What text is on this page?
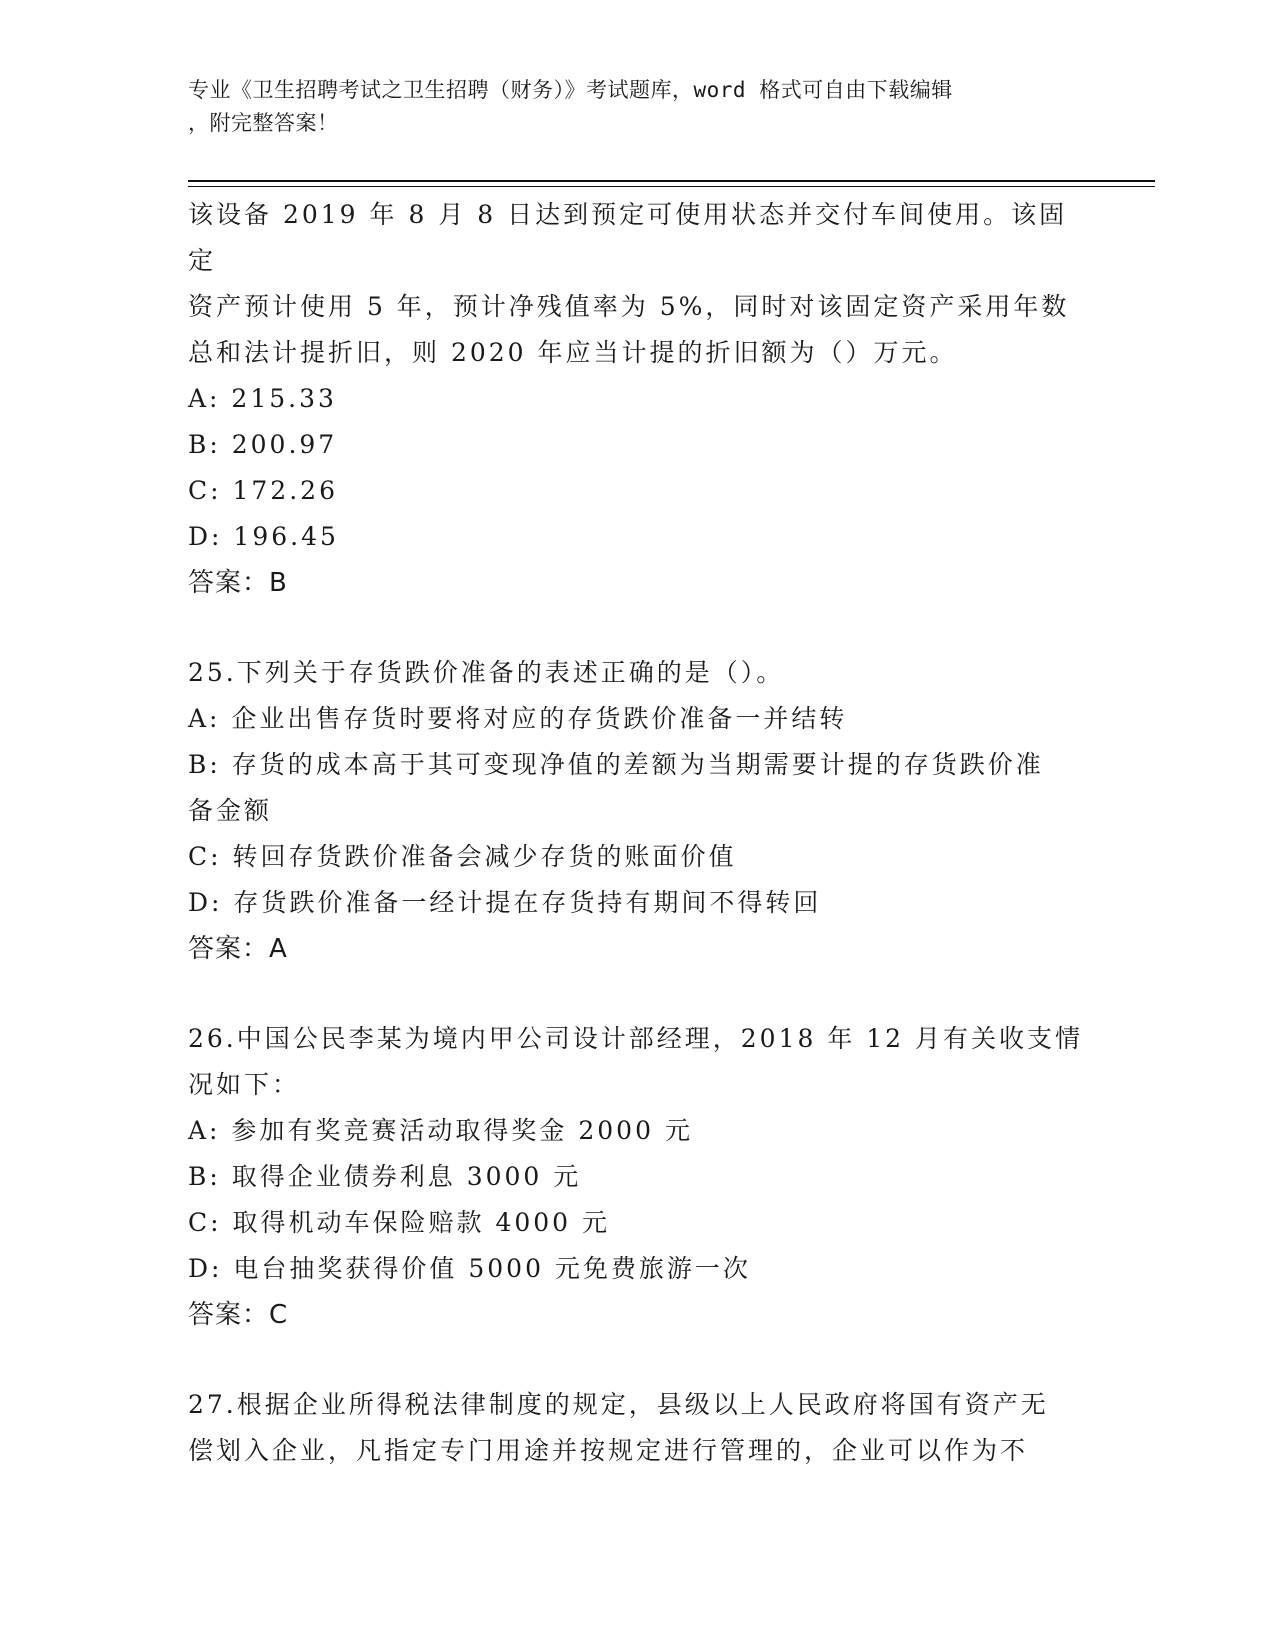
专业《卫生招聘考试之卫生招聘（财务）》考试题库，word 格式可自由下载编辑
，附完整答案！

该设备 2019 年 8 月 8 日达到预定可使用状态并交付车间使用。该固定

资产预计使用 5 年，预计净残值率为 5%，同时对该固定资产采用年数

总和法计提折旧，则 2020 年应当计提的折旧额为（）万元。

A: 215.33

B: 200.97

C: 172.26

D: 196.45

答案：B

25.下列关于存货跌价准备的表述正确的是（）。

A: 企业出售存货时要将对应的存货跌价准备一并结转

B: 存货的成本高于其可变现净值的差额为当期需要计提的存货跌价准

备金额

C: 转回存货跌价准备会减少存货的账面价值

D: 存货跌价准备一经计提在存货持有期间不得转回

答案：A

26.中国公民李某为境内甲公司设计部经理，2018 年 12 月有关收支情

况如下：

A: 参加有奖竞赛活动取得奖金 2000 元

B: 取得企业债券利息 3000 元

C: 取得机动车保险赔款 4000 元

D: 电台抽奖获得价值 5000 元免费旅游一次

答案：C

27.根据企业所得税法律制度的规定，县级以上人民政府将国有资产无

偿划入企业，凡指定专门用途并按规定进行管理的，企业可以作为不
